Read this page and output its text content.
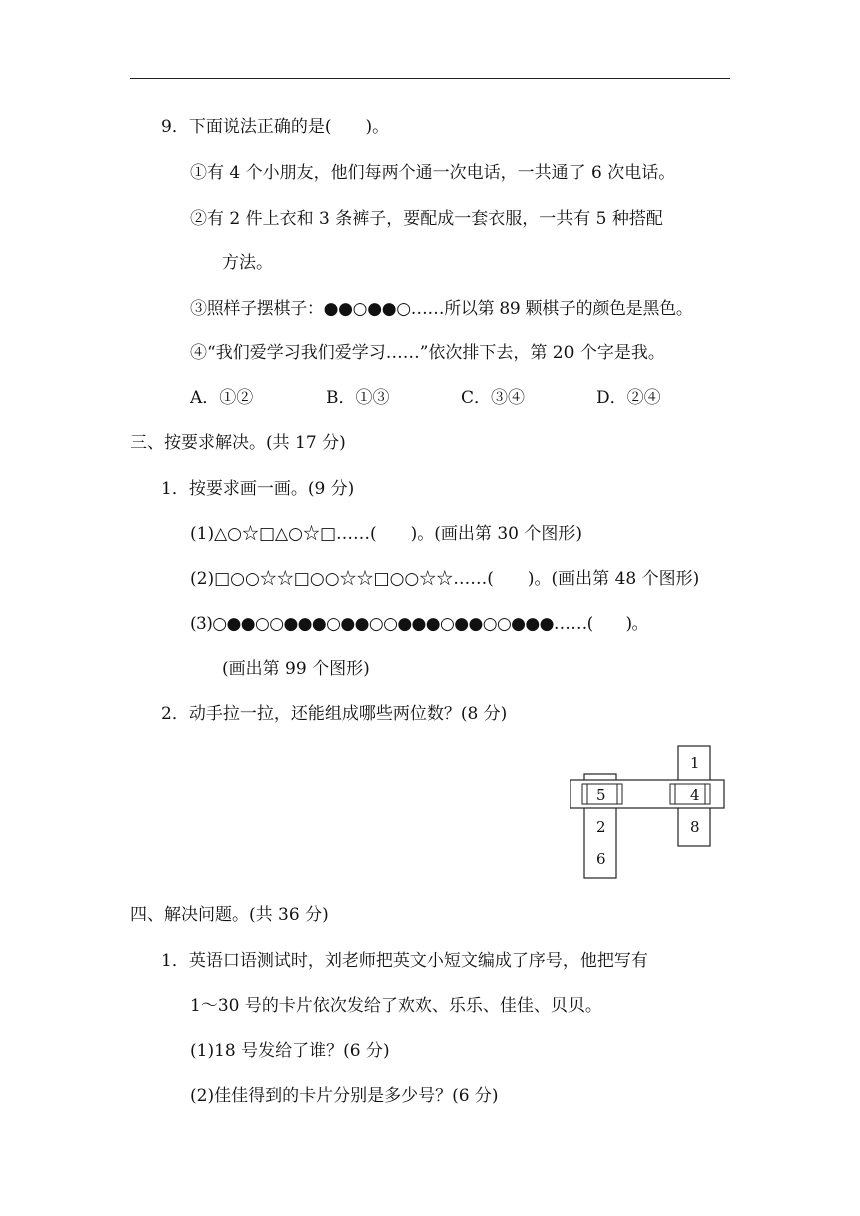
9．下面说法正确的是(　　)。
①有 4 个小朋友，他们每两个通一次电话，一共通了 6 次电话。
②有 2 件上衣和 3 条裤子，要配成一套衣服，一共有 5 种搭配
方法。
③照样子摆棋子：●●○●●○……所以第 89 颗棋子的颜色是黑色。
④“我们爱学习我们爱学习……”依次排下去，第 20 个字是我。
A．①②	B．①③	C．③④	D．②④
三、按要求解决。(共 17 分)
1．按要求画一画。(9 分)
(1)△○☆□△○☆□……(　　)。(画出第 30 个图形)
(2)□○○☆☆□○○☆☆□○○☆☆……(　　)。(画出第 48 个图形)
(3)○●●○○●●●○●●○○●●●○●●○○●●●……(　　)。
(画出第 99 个图形)
2．动手拉一拉，还能组成哪些两位数？(8 分)
5
2
6
1
4
8
四、解决问题。(共 36 分)
1．英语口语测试时，刘老师把英文小短文编成了序号，他把写有
1～30 号的卡片依次发给了欢欢、乐乐、佳佳、贝贝。
(1)18 号发给了谁？(6 分)
(2)佳佳得到的卡片分别是多少号？(6 分)
